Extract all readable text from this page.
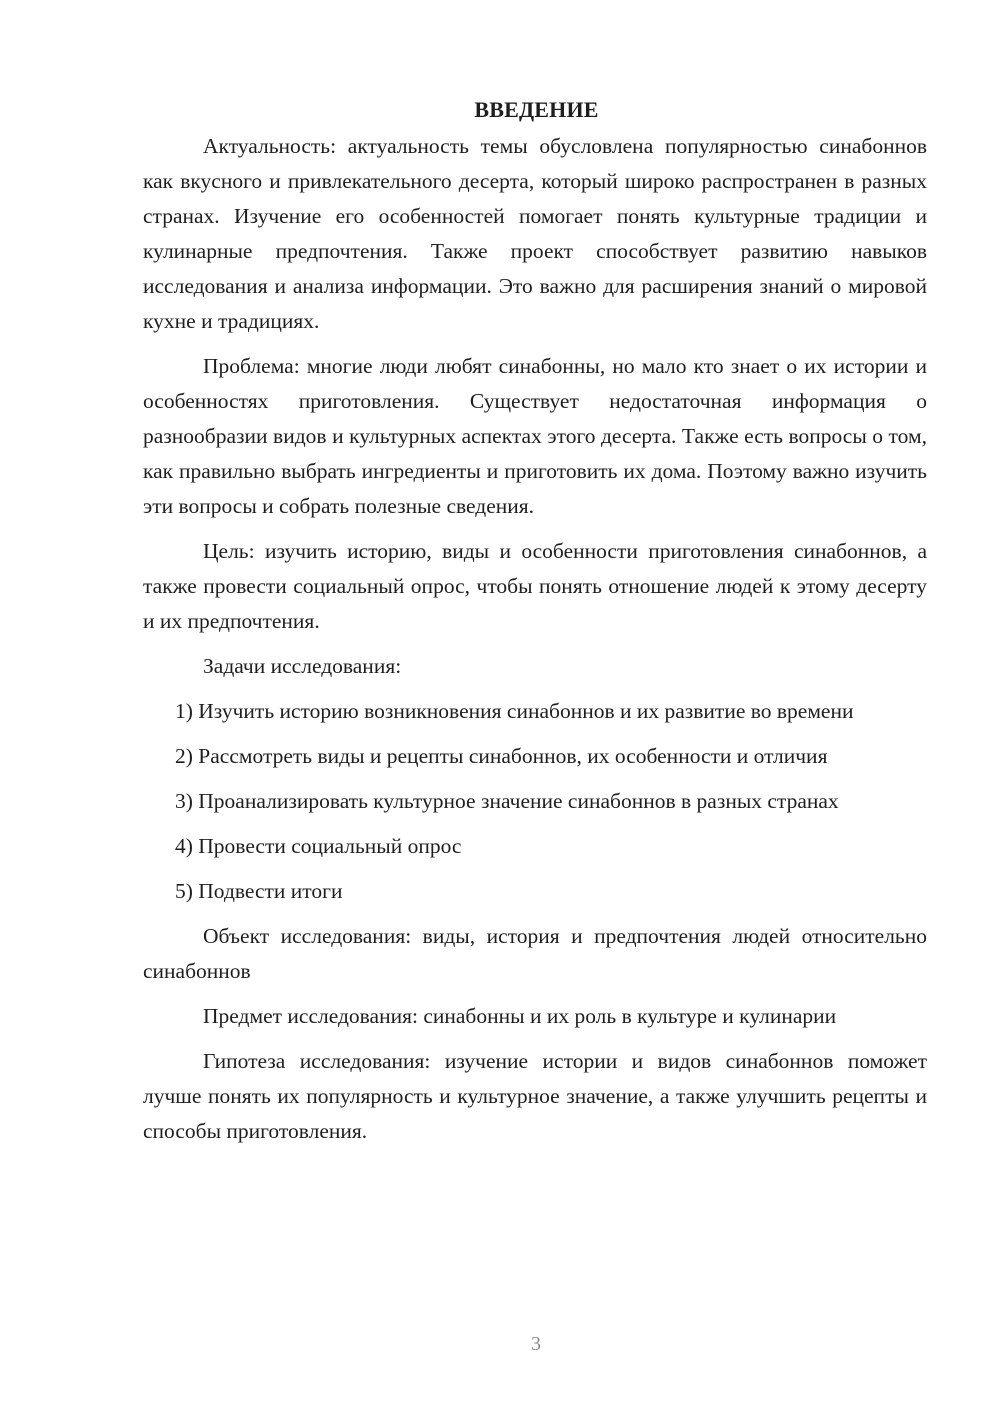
ВВЕДЕНИЕ

Актуальность: актуальность темы обусловлена популярностью синабоннов как вкусного и привлекательного десерта, который широко распространен в разных странах. Изучение его особенностей помогает понять культурные традиции и кулинарные предпочтения. Также проект способствует развитию навыков исследования и анализа информации. Это важно для расширения знаний о мировой кухне и традициях.

Проблема: многие люди любят синабонны, но мало кто знает о их истории и особенностях приготовления. Существует недостаточная информация о разнообразии видов и культурных аспектах этого десерта. Также есть вопросы о том, как правильно выбрать ингредиенты и приготовить их дома. Поэтому важно изучить эти вопросы и собрать полезные сведения.

Цель: изучить историю, виды и особенности приготовления синабоннов, а также провести социальный опрос, чтобы понять отношение людей к этому десерту и их предпочтения.

Задачи исследования:

1) Изучить историю возникновения синабоннов и их развитие во времени

2) Рассмотреть виды и рецепты синабоннов, их особенности и отличия

3) Проанализировать культурное значение синабоннов в разных странах

4) Провести социальный опрос

5) Подвести итоги

Объект исследования: виды, история и предпочтения людей относительно синабоннов

Предмет исследования: синабонны и их роль в культуре и кулинарии

Гипотеза исследования: изучение истории и видов синабоннов поможет лучше понять их популярность и культурное значение, а также улучшить рецепты и способы приготовления.

3
